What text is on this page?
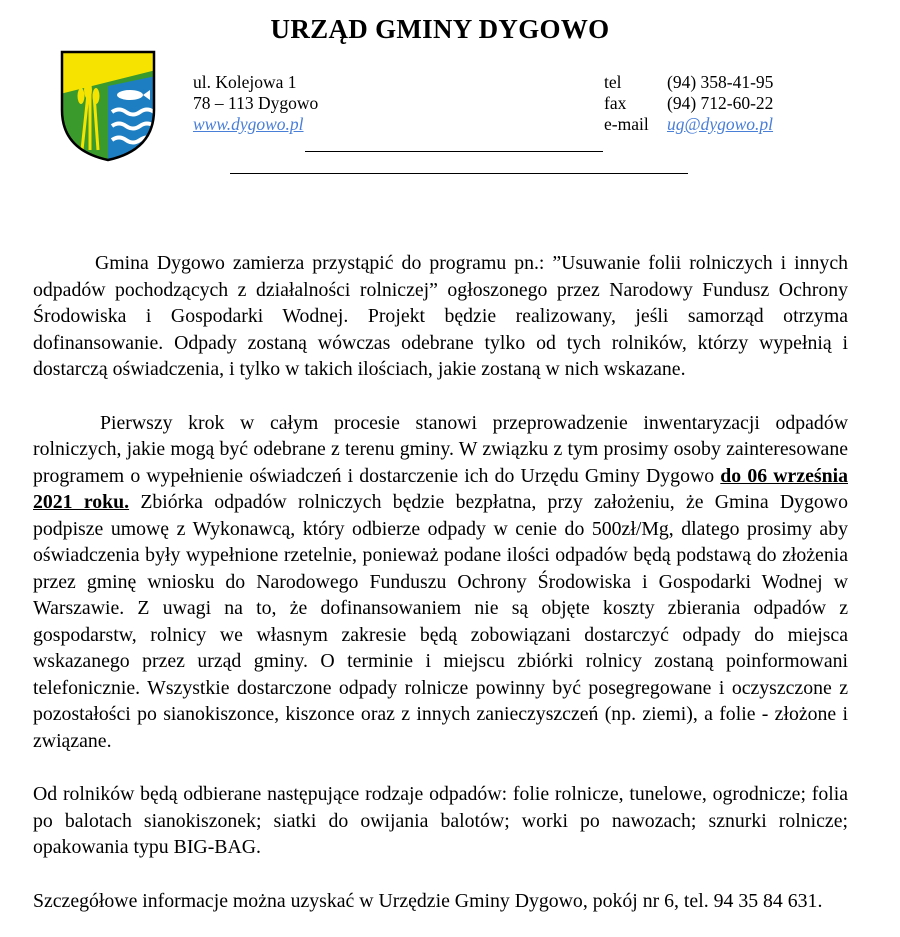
URZĄD GMINY DYGOWO
ul. Kolejowa 1
78 – 113 Dygowo
www.dygowo.pl
tel	(94) 358-41-95
fax (94) 712-60-22
e-mail ug@dygowo.pl

Gmina Dygowo zamierza przystąpić do programu pn.: ”Usuwanie folii rolniczych i innych odpadów pochodzących z działalności rolniczej” ogłoszonego przez Narodowy Fundusz Ochrony Środowiska i Gospodarki Wodnej. Projekt będzie realizowany, jeśli samorząd otrzyma dofinansowanie. Odpady zostaną wówczas odebrane tylko od tych rolników, którzy wypełnią i dostarczą oświadczenia, i tylko w takich ilościach, jakie zostaną w nich wskazane.

Pierwszy krok w całym procesie stanowi przeprowadzenie inwentaryzacji odpadów rolniczych, jakie mogą być odebrane z terenu gminy. W związku z tym prosimy osoby zainteresowane programem o wypełnienie oświadczeń i dostarczenie ich do Urzędu Gminy Dygowo do 06 września 2021 roku. Zbiórka odpadów rolniczych będzie bezpłatna, przy założeniu, że Gmina Dygowo podpisze umowę z Wykonawcą, który odbierze odpady w cenie do 500zł/Mg, dlatego prosimy aby oświadczenia były wypełnione rzetelnie, ponieważ podane ilości odpadów będą podstawą do złożenia przez gminę wniosku do Narodowego Funduszu Ochrony Środowiska i Gospodarki Wodnej w Warszawie. Z uwagi na to, że dofinansowaniem nie są objęte koszty zbierania odpadów z gospodarstw, rolnicy we własnym zakresie będą zobowiązani dostarczyć odpady do miejsca wskazanego przez urząd gminy. O terminie i miejscu zbiórki rolnicy zostaną poinformowani telefonicznie. Wszystkie dostarczone odpady rolnicze powinny być posegregowane i oczyszczone z pozostałości po sianokiszonce, kiszonce oraz z innych zanieczyszczeń (np. ziemi), a folie - złożone i związane.

Od rolników będą odbierane następujące rodzaje odpadów: folie rolnicze, tunelowe, ogrodnicze; folia po balotach sianokiszonek; siatki do owijania balotów; worki po nawozach; sznurki rolnicze; opakowania typu BIG-BAG.

Szczegółowe informacje można uzyskać w Urzędzie Gminy Dygowo, pokój nr 6, tel. 94 35 84 631.
